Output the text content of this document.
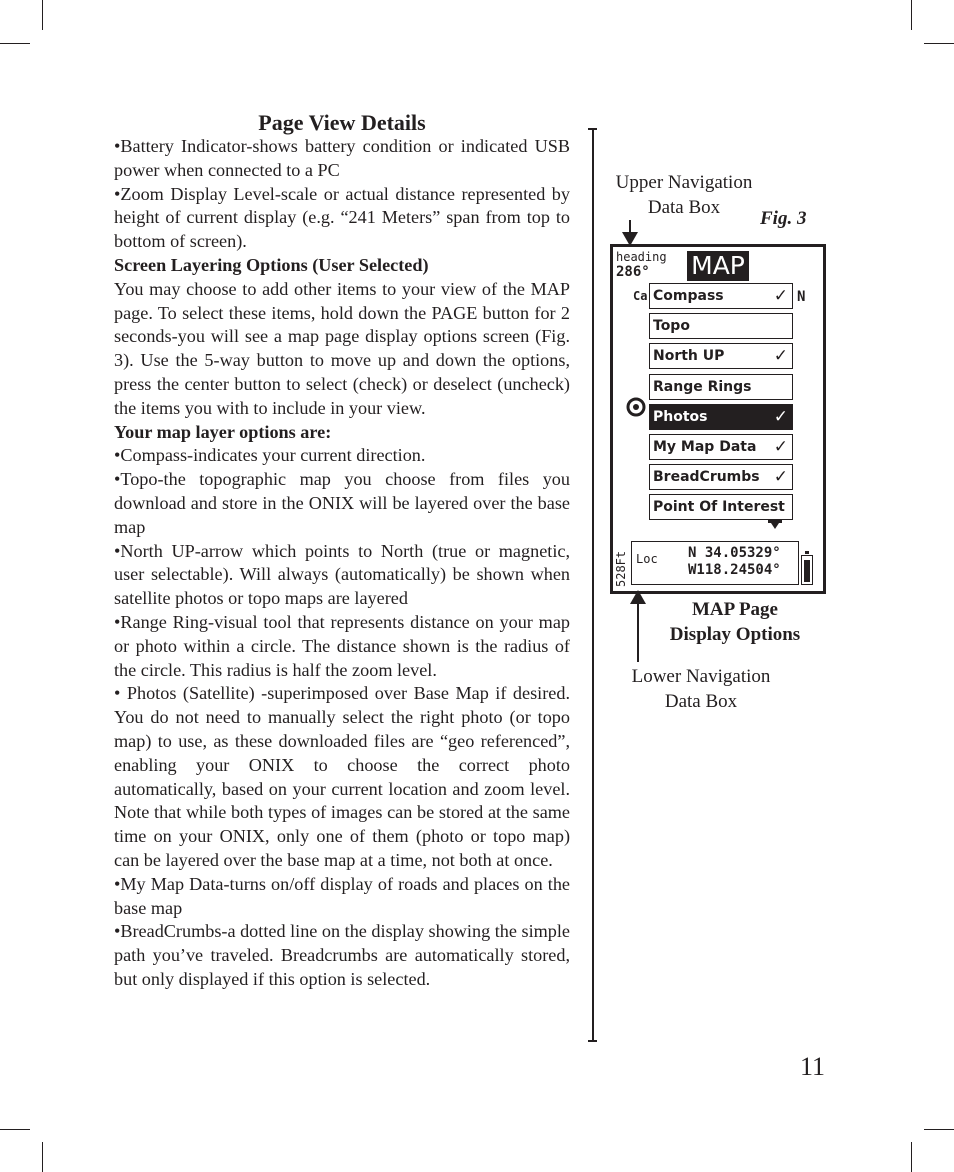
Page View Details

•Battery Indicator-shows battery condition or indicated USB power when connected to a PC

•Zoom Display Level-scale or actual distance represented by height of current display (e.g. “241 Meters” span from top to bottom of screen).

Screen Layering Options (User Selected)

You may choose to add other items to your view of the MAP page. To select these items, hold down the PAGE button for 2 seconds-you will see a map page display options screen (Fig. 3). Use the 5-way button to move up and down the options, press the center button to select (check) or deselect (uncheck) the items you with to include in your view.

Your map layer options are:

•Compass-indicates your current direction.

•Topo-the topographic map you choose from files you download and store in the ONIX will be layered over the base map

•North UP-arrow which points to North (true or magnetic, user selectable). Will always (automatically) be shown when satellite photos or topo maps are layered

•Range Ring-visual tool that represents distance on your map or photo within a circle. The distance shown is the radius of the circle. This radius is half the zoom level.

• Photos (Satellite) -superimposed over Base Map if desired. You do not need to manually select the right photo (or topo map) to use, as these downloaded files are “geo referenced”, enabling your ONIX to choose the correct photo automatically, based on your current location and zoom level. Note that while both types of images can be stored at the same time on your ONIX, only one of them (photo or topo map) can be layered over the base map at a time, not both at once.

•My Map Data-turns on/off display of roads and places on the base map

•BreadCrumbs-a dotted line on the display showing the simple path you’ve traveled. Breadcrumbs are automatically stored, but only displayed if this option is selected.

Upper Navigation
Data Box
Fig. 3
heading
286° MAP
Ca	N
Compass	✓
Topo
North UP	✓
Range Rings
Photos	✓
My Map Data ✓
BreadCrumbs ✓
Point Of Interest
528Ft Loc N 34.05329°
W118.24504°
MAP Page
Display Options
Lower Navigation
Data Box
11
